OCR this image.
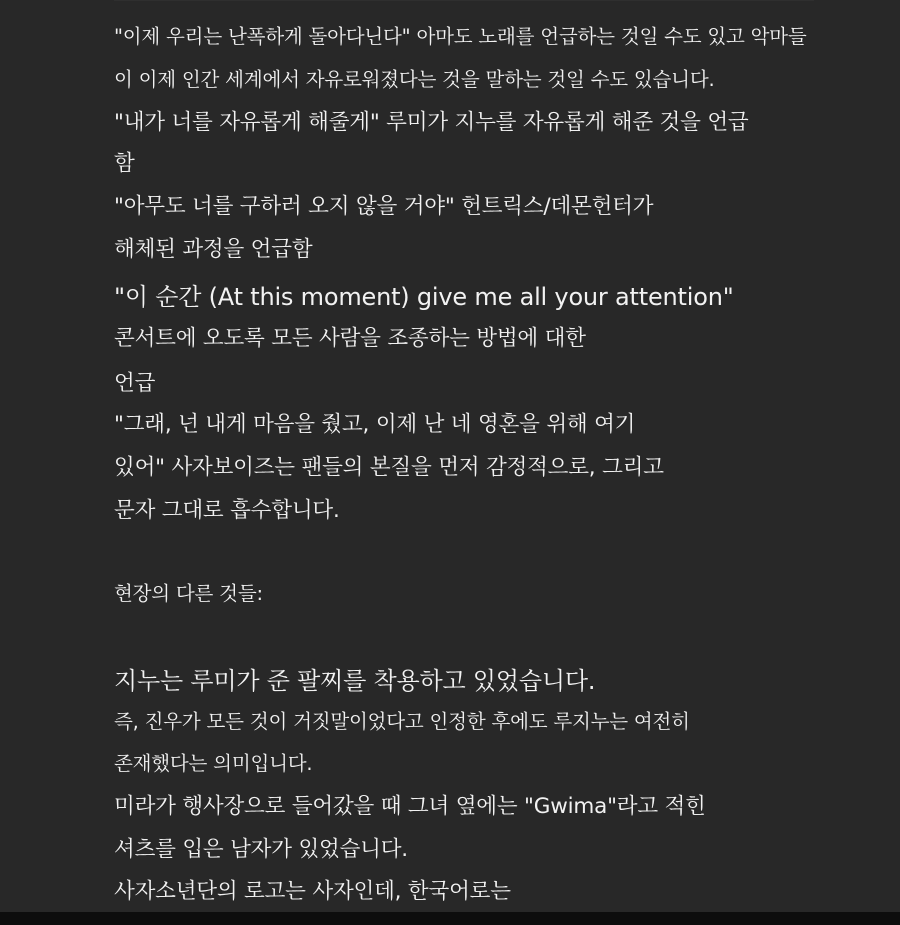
"이제 우리는 난폭하게 돌아다닌다" 아마도 노래를 언급하는 것일 수도 있고 악마들
이 이제 인간 세계에서 자유로워졌다는 것을 말하는 것일 수도 있습니다.
"내가 너를 자유롭게 해줄게" 루미가 지누를 자유롭게 해준 것을 언급
함
"아무도 너를 구하러 오지 않을 거야" 헌트릭스/데몬헌터가
해체된 과정을 언급함
"이 순간 (At this moment) give me all your attention"
콘서트에 오도록 모든 사람을 조종하는 방법에 대한
언급
"그래, 넌 내게 마음을 줬고, 이제 난 네 영혼을 위해 여기
있어" 사자보이즈는 팬들의 본질을 먼저 감정적으로, 그리고
문자 그대로 흡수합니다.
현장의 다른 것들:
지누는 루미가 준 팔찌를 착용하고 있었습니다.
즉, 진우가 모든 것이 거짓말이었다고 인정한 후에도 루지누는 여전히
존재했다는 의미입니다.
미라가 행사장으로 들어갔을 때 그녀 옆에는 "Gwima"라고 적힌
셔츠를 입은 남자가 있었습니다.
사자소년단의 로고는 사자인데, 한국어로는
